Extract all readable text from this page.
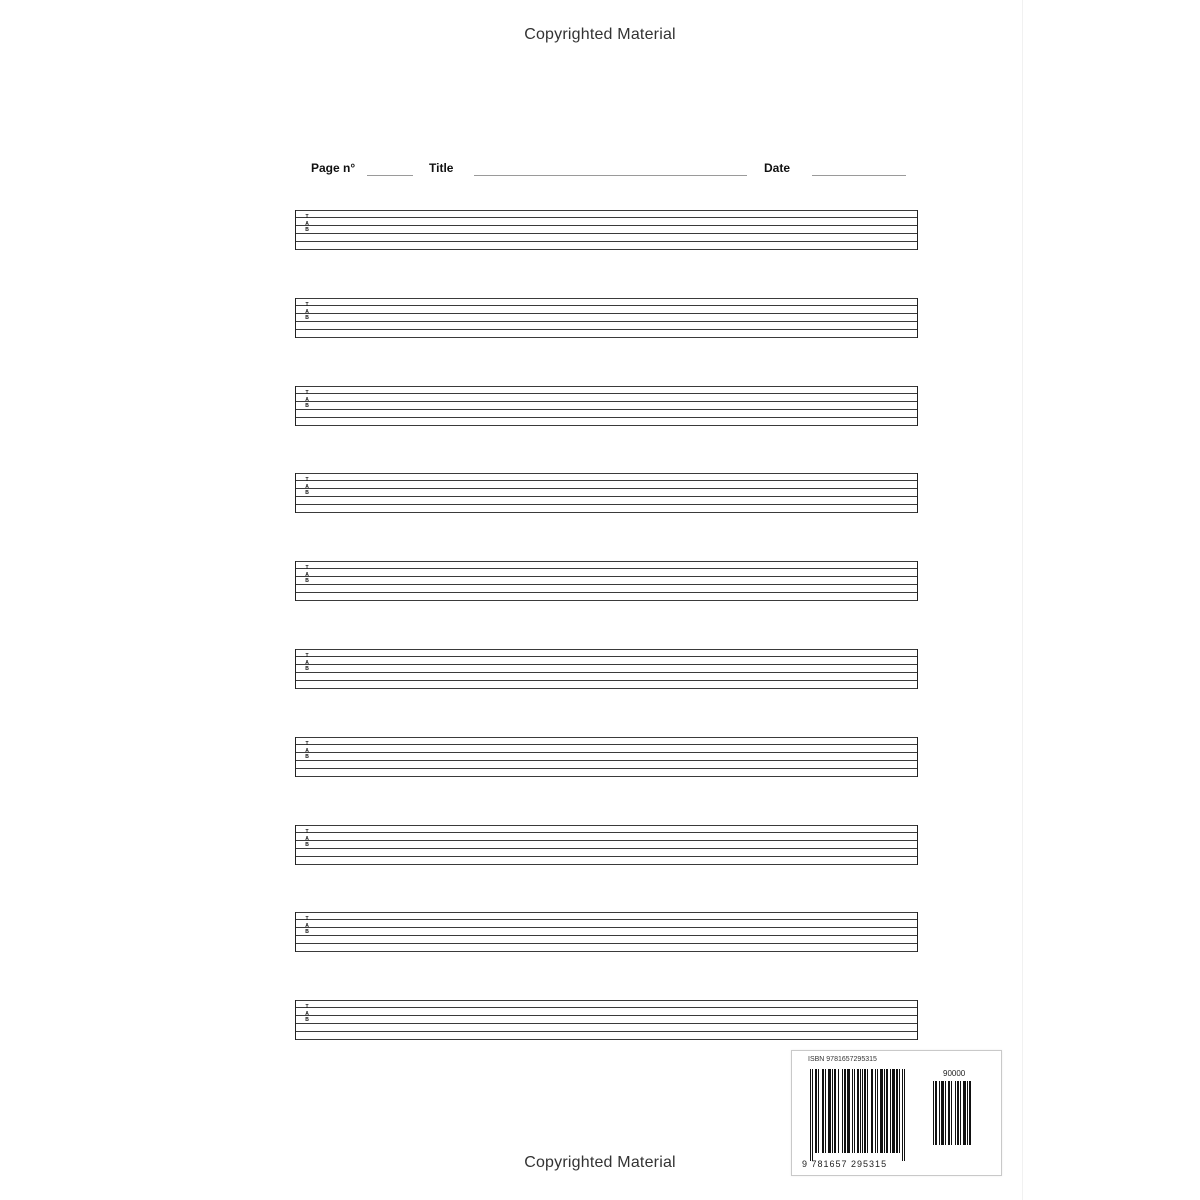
Copyrighted Material
Page n°	Title	Date
T
A
B
T
A
B
T
A
B
T
A
B
T
A
B
T
A
B
T
A
B
T
A
B
T
A
B
T
A
B
Copyrighted Material
ISBN 9781657295315
90000
9 781657 295315
